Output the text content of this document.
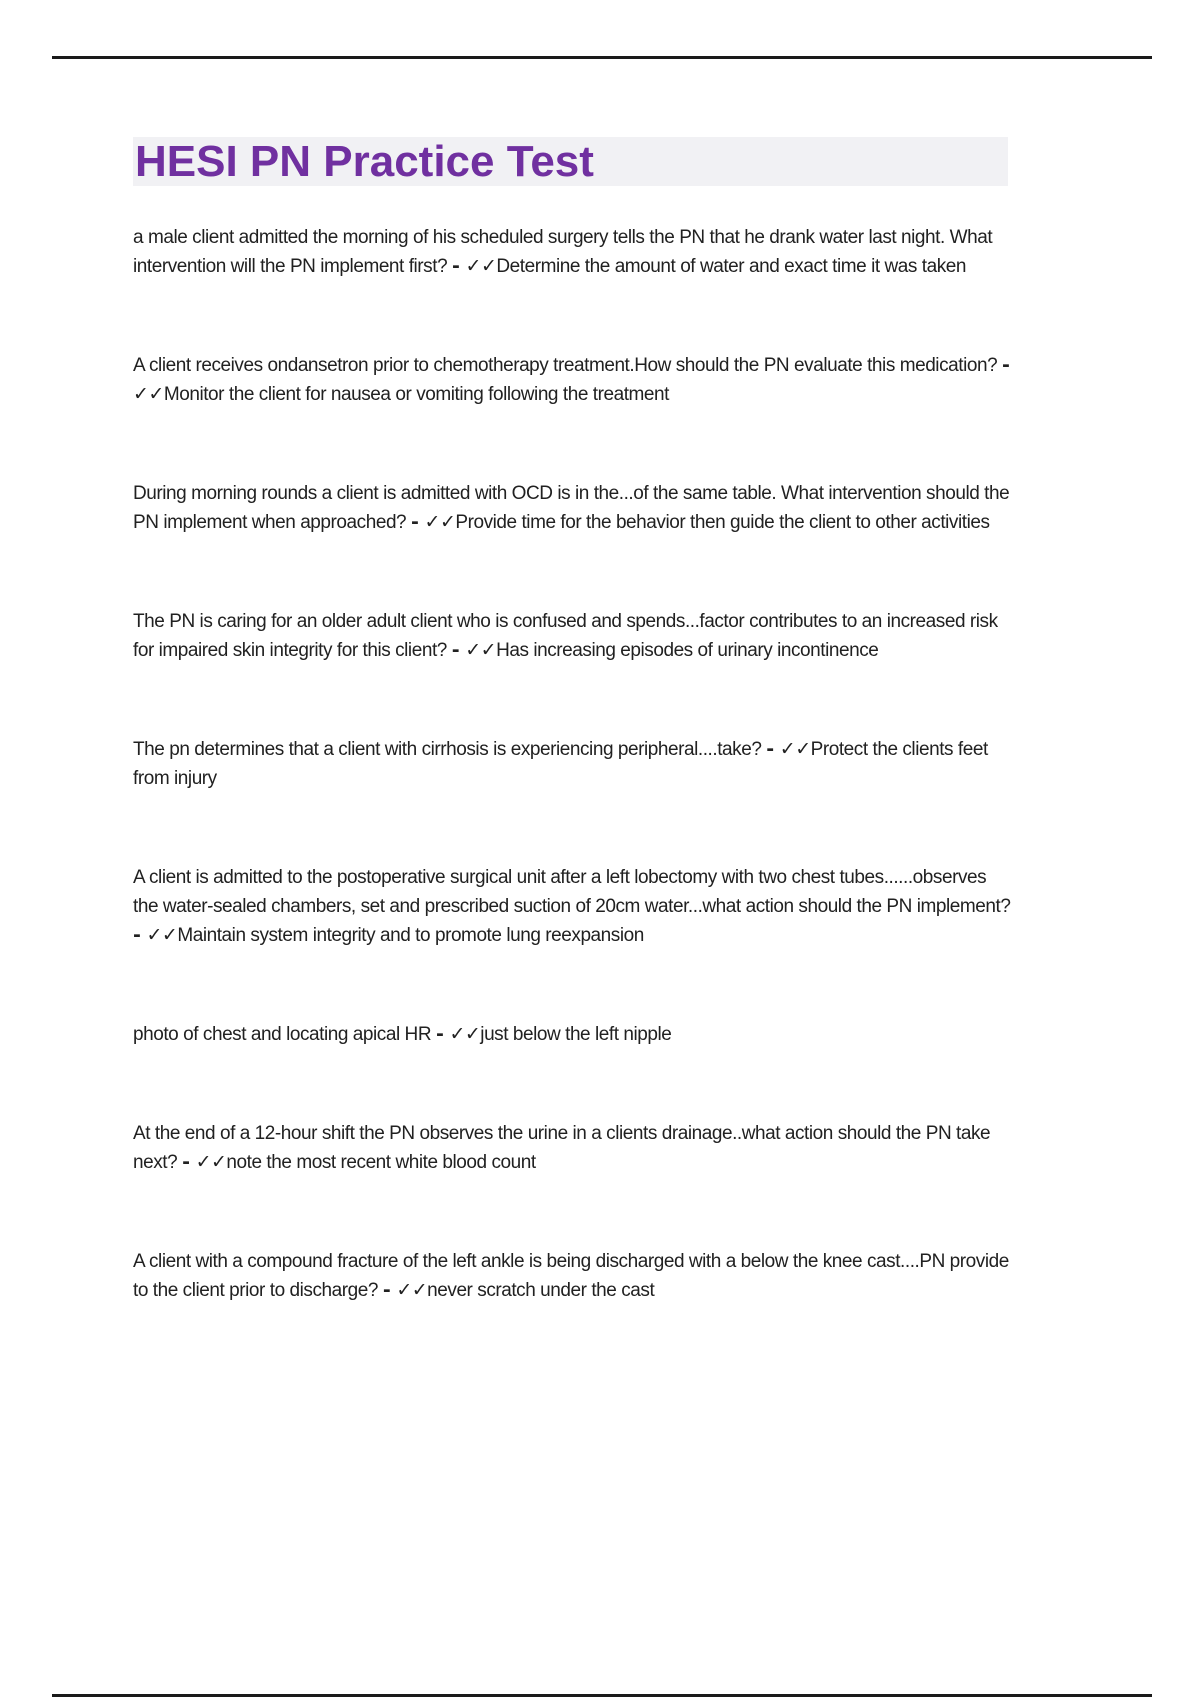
HESI PN Practice Test

a male client admitted the morning of his scheduled surgery tells the PN that he drank water last night. What intervention will the PN implement first? - ✓✓Determine the amount of water and exact time it was taken

A client receives ondansetron prior to chemotherapy treatment.How should the PN evaluate this medication? - ✓✓Monitor the client for nausea or vomiting following the treatment

During morning rounds a client is admitted with OCD is in the...of the same table. What intervention should the PN implement when approached? - ✓✓Provide time for the behavior then guide the client to other activities

The PN is caring for an older adult client who is confused and spends...factor contributes to an increased risk for impaired skin integrity for this client? - ✓✓Has increasing episodes of urinary incontinence

The pn determines that a client with cirrhosis is experiencing peripheral....take? - ✓✓Protect the clients feet from injury

A client is admitted to the postoperative surgical unit after a left lobectomy with two chest tubes......observes the water-sealed chambers, set and prescribed suction of 20cm water...what action should the PN implement? - ✓✓Maintain system integrity and to promote lung reexpansion

photo of chest and locating apical HR - ✓✓just below the left nipple

At the end of a 12-hour shift the PN observes the urine in a clients drainage..what action should the PN take next? - ✓✓note the most recent white blood count

A client with a compound fracture of the left ankle is being discharged with a below the knee cast....PN provide to the client prior to discharge? - ✓✓never scratch under the cast
